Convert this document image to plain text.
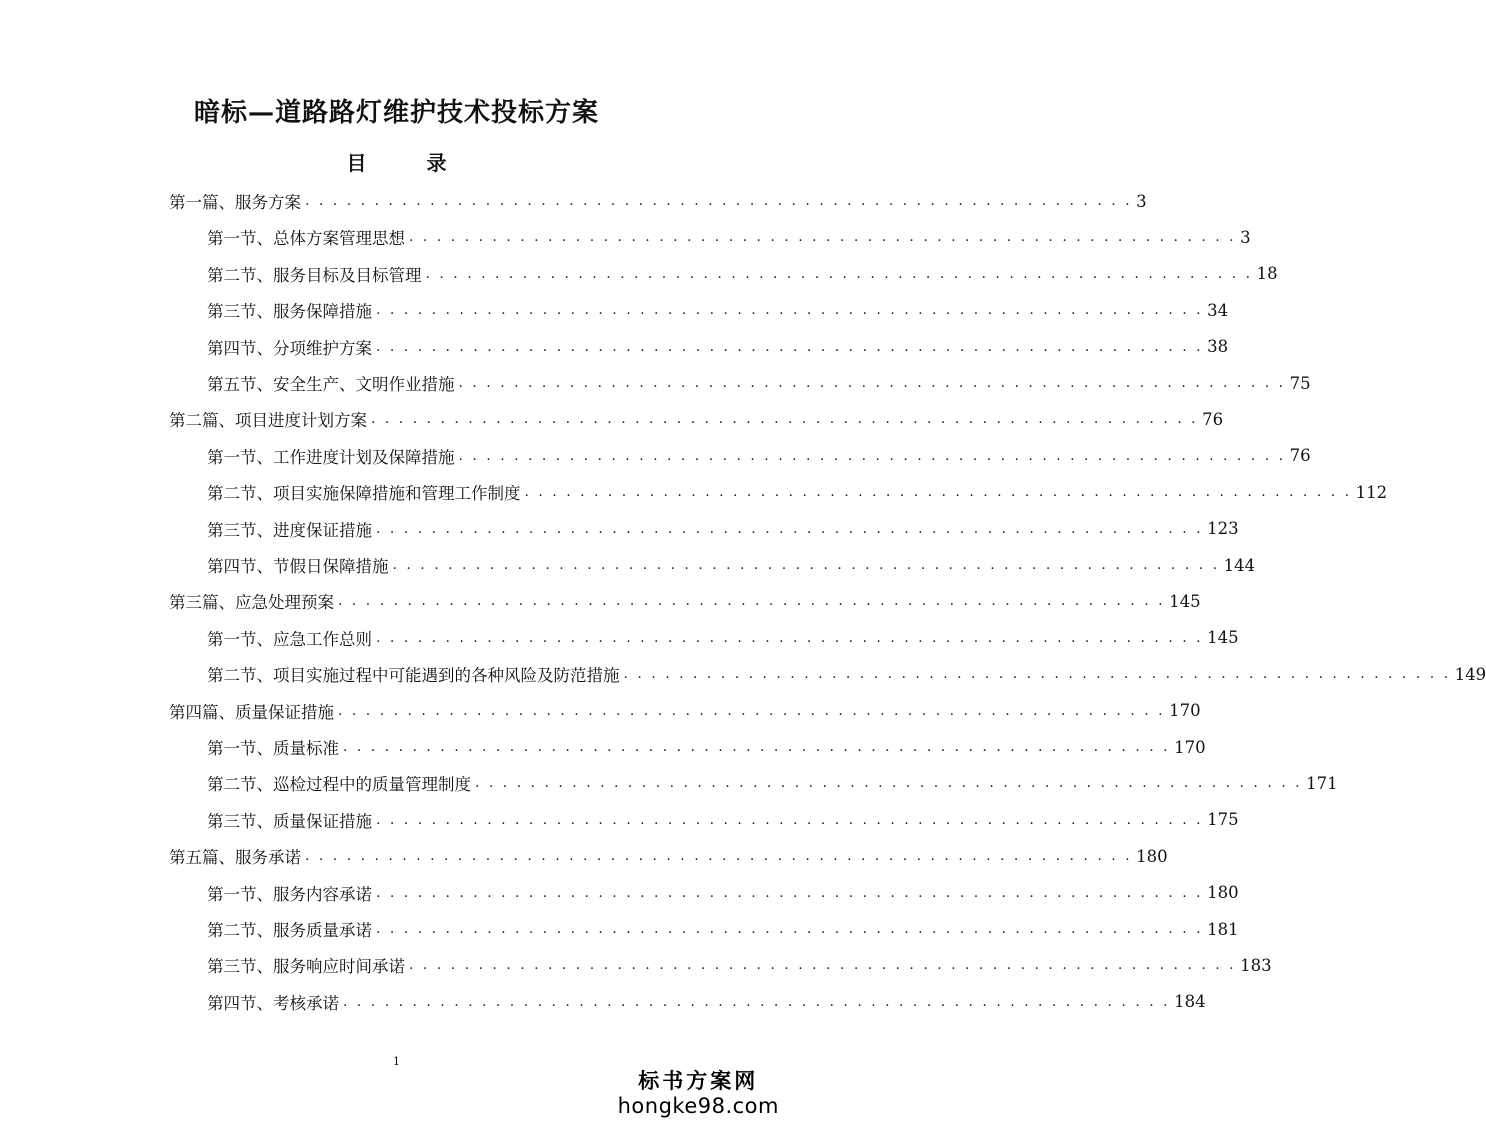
暗标—道路路灯维护技术投标方案
目　录
第一篇、服务方案 . . . . . . . . . . . . . . . . . . . . . . . . . . . . . . . . . . . . . . . . . . . . . . . . . . . . . . . . . . . . 3
第一节、总体方案管理思想 . . . . . . . . . . . . . . . . . . . . . . . . . . . . . . . . . . . . . . . . . . . . . . . . . . . . . . . . . . . . 3
第二节、服务目标及目标管理 . . . . . . . . . . . . . . . . . . . . . . . . . . . . . . . . . . . . . . . . . . . . . . . . . . . . . . . . . . . . 18
第三节、服务保障措施 . . . . . . . . . . . . . . . . . . . . . . . . . . . . . . . . . . . . . . . . . . . . . . . . . . . . . . . . . . . . 34
第四节、分项维护方案 . . . . . . . . . . . . . . . . . . . . . . . . . . . . . . . . . . . . . . . . . . . . . . . . . . . . . . . . . . . . 38
第五节、安全生产、文明作业措施 . . . . . . . . . . . . . . . . . . . . . . . . . . . . . . . . . . . . . . . . . . . . . . . . . . . . . . . . . . . . 75
第二篇、项目进度计划方案 . . . . . . . . . . . . . . . . . . . . . . . . . . . . . . . . . . . . . . . . . . . . . . . . . . . . . . . . . . . . 76
第一节、工作进度计划及保障措施 . . . . . . . . . . . . . . . . . . . . . . . . . . . . . . . . . . . . . . . . . . . . . . . . . . . . . . . . . . . . 76
第二节、项目实施保障措施和管理工作制度 . . . . . . . . . . . . . . . . . . . . . . . . . . . . . . . . . . . . . . . . . . . . . . . . . . . . . . . . . . . . 112
第三节、进度保证措施 . . . . . . . . . . . . . . . . . . . . . . . . . . . . . . . . . . . . . . . . . . . . . . . . . . . . . . . . . . . . 123
第四节、节假日保障措施 . . . . . . . . . . . . . . . . . . . . . . . . . . . . . . . . . . . . . . . . . . . . . . . . . . . . . . . . . . . . 144
第三篇、应急处理预案 . . . . . . . . . . . . . . . . . . . . . . . . . . . . . . . . . . . . . . . . . . . . . . . . . . . . . . . . . . . . 145
第一节、应急工作总则 . . . . . . . . . . . . . . . . . . . . . . . . . . . . . . . . . . . . . . . . . . . . . . . . . . . . . . . . . . . . 145
第二节、项目实施过程中可能遇到的各种风险及防范措施 . . . . . . . . . . . . . . . . . . . . . . . . . . . . . . . . . . . . . . . . . . . . . . . . . . . . . . . . . . . . 149
第四篇、质量保证措施 . . . . . . . . . . . . . . . . . . . . . . . . . . . . . . . . . . . . . . . . . . . . . . . . . . . . . . . . . . . . 170
第一节、质量标准 . . . . . . . . . . . . . . . . . . . . . . . . . . . . . . . . . . . . . . . . . . . . . . . . . . . . . . . . . . . . 170
第二节、巡检过程中的质量管理制度 . . . . . . . . . . . . . . . . . . . . . . . . . . . . . . . . . . . . . . . . . . . . . . . . . . . . . . . . . . . . 171
第三节、质量保证措施 . . . . . . . . . . . . . . . . . . . . . . . . . . . . . . . . . . . . . . . . . . . . . . . . . . . . . . . . . . . . 175
第五篇、服务承诺 . . . . . . . . . . . . . . . . . . . . . . . . . . . . . . . . . . . . . . . . . . . . . . . . . . . . . . . . . . . . 180
第一节、服务内容承诺 . . . . . . . . . . . . . . . . . . . . . . . . . . . . . . . . . . . . . . . . . . . . . . . . . . . . . . . . . . . . 180
第二节、服务质量承诺 . . . . . . . . . . . . . . . . . . . . . . . . . . . . . . . . . . . . . . . . . . . . . . . . . . . . . . . . . . . . 181
第三节、服务响应时间承诺 . . . . . . . . . . . . . . . . . . . . . . . . . . . . . . . . . . . . . . . . . . . . . . . . . . . . . . . . . . . . 183
第四节、考核承诺 . . . . . . . . . . . . . . . . . . . . . . . . . . . . . . . . . . . . . . . . . . . . . . . . . . . . . . . . . . . . 184
1
标书方案网
hongke98.com
